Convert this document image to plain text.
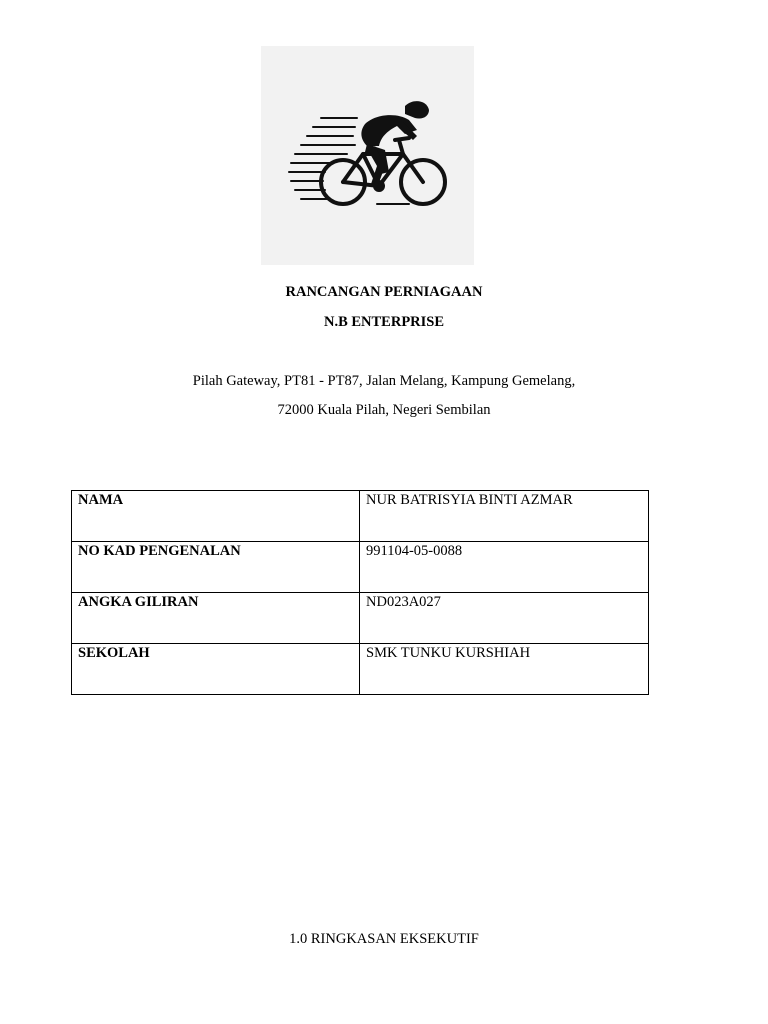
RANCANGAN PERNIAGAAN
N.B ENTERPRISE
Pilah Gateway, PT81 - PT87, Jalan Melang, Kampung Gemelang,
72000 Kuala Pilah, Negeri Sembilan
NAMA	NUR BATRISYIA BINTI AZMAR

NO KAD PENGENALAN	991104-05-0088

ANGKA GILIRAN	ND023A027

SEKOLAH	SMK TUNKU KURSHIAH
1.0 RINGKASAN EKSEKUTIF
